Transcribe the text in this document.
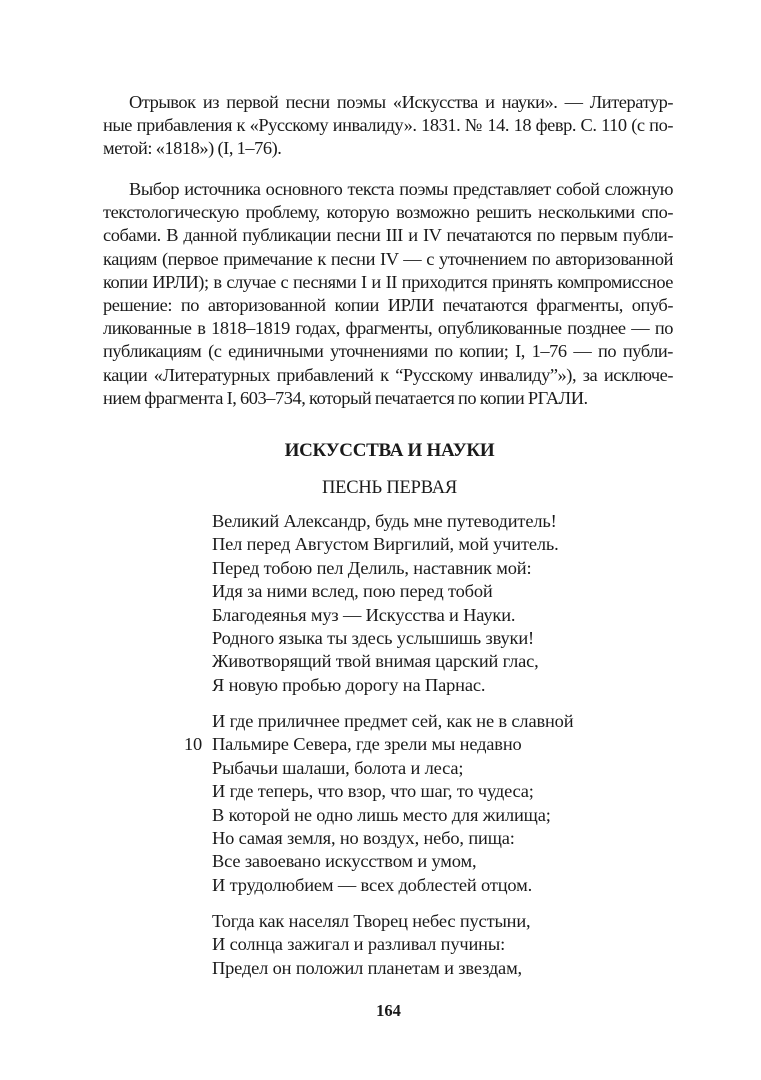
Отрывок из первой песни поэмы «Искусства и науки». — Литератур-
ные прибавления к «Русскому инвалиду». 1831. № 14. 18 февр. С. 110 (с по-
метой: «1818») (I, 1–76).
Выбор источника основного текста поэмы представляет собой сложную
текстологическую проблему, которую возможно решить несколькими спо-
собами. В данной публикации песни III и IV печатаются по первым публи-
кациям (первое примечание к песни IV — с уточнением по авторизованной
копии ИРЛИ); в случае с песнями I и II приходится принять компромиссное
решение: по авторизованной копии ИРЛИ печатаются фрагменты, опуб-
ликованные в 1818–1819 годах, фрагменты, опубликованные позднее — по
публикациям (с единичными уточнениями по копии; I, 1–76 — по публи-
кации «Литературных прибавлений к “Русскому инвалиду”»), за исключе-
нием фрагмента I, 603–734, который печатается по копии РГАЛИ.
ИСКУССТВА И НАУКИ
ПЕСНЬ ПЕРВАЯ
Великий Александр, будь мне путеводитель!
Пел перед Августом Виргилий, мой учитель.
Перед тобою пел Делиль, наставник мой:
Идя за ними вслед, пою перед тобой
Благодеянья муз — Искусства и Науки.
Родного языка ты здесь услышишь звуки!
Животворящий твой внимая царский глас,
Я новую пробью дорогу на Парнас.
И где приличнее предмет сей, как не в славной
10 Пальмире Севера, где зрели мы недавно
Рыбачьи шалаши, болота и леса;
И где теперь, что взор, что шаг, то чудеса;
В которой не одно лишь место для жилища;
Но самая земля, но воздух, небо, пища:
Все завоевано искусством и умом,
И трудолюбием — всех доблестей отцом.
Тогда как населял Творец небес пустыни,
И солнца зажигал и разливал пучины:
Предел он положил планетам и звездам,
164
